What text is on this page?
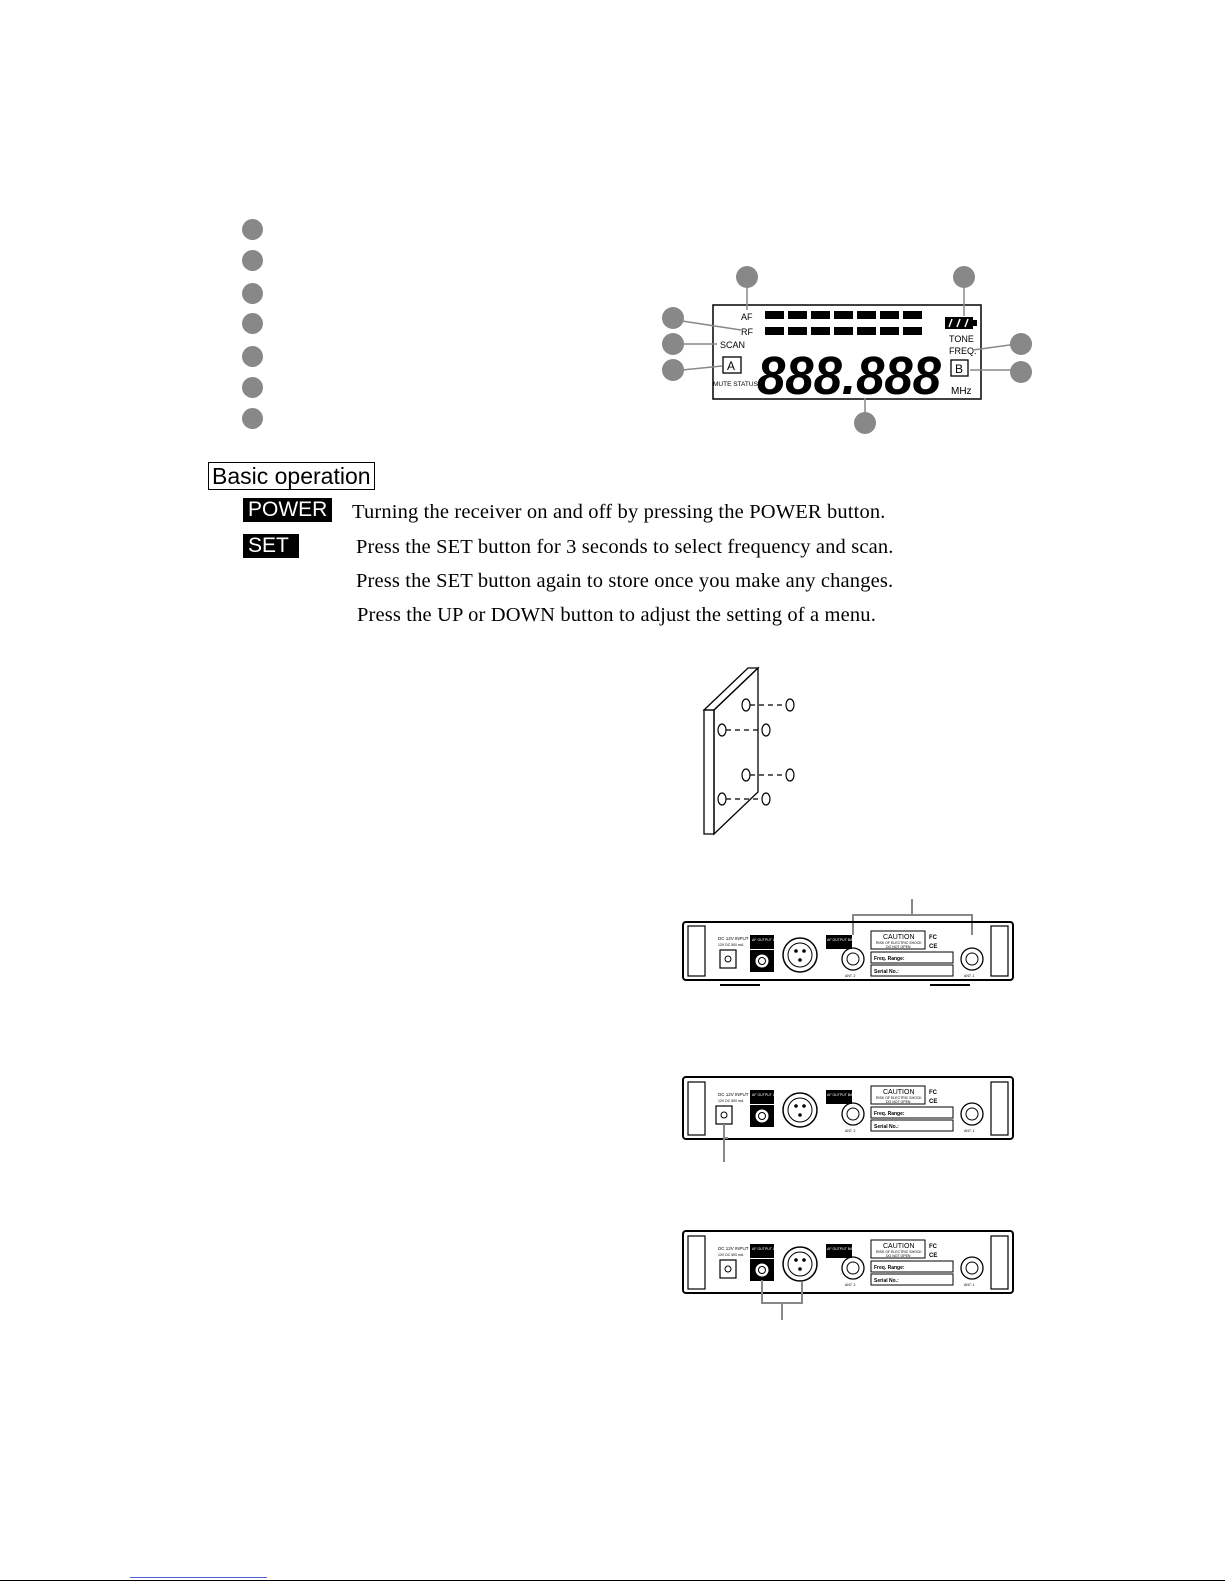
AF
RF
SCAN
A
MUTE STATUS 888.888
TONE
FREQ.
B
MHz
Basic operation
POWER Turning the receiver on and off by pressing the POWER button.
SET	Press the SET button for 3 seconds to select frequency and scan.
Press the SET button again to store once you make any changes.
Press the UP or DOWN button to adjust the setting of a menu.
DC 12V INPUT
12V DC 500 mA
AF OUTPUT UNBAL.	AF OUTPUT BALANCED
ANT. 2
CAUTION
RISK OF ELECTRIC SHOCK
DO NOT OPEN
FC
CE
Freq. Range:
Serial No.:
ANT. 1
DC 12V INPUT
12V DC 500 mA
AF OUTPUT UNBAL.	AF OUTPUT BALANCED
ANT. 2
CAUTION
RISK OF ELECTRIC SHOCK
DO NOT OPEN
FC
CE
Freq. Range:
Serial No.:
ANT. 1
DC 12V INPUT
12V DC 500 mA
AF OUTPUT UNBAL.	AF OUTPUT BALANCED
ANT. 2
CAUTION
RISK OF ELECTRIC SHOCK
DO NOT OPEN
FC
CE
Freq. Range:
Serial No.:
ANT. 1
